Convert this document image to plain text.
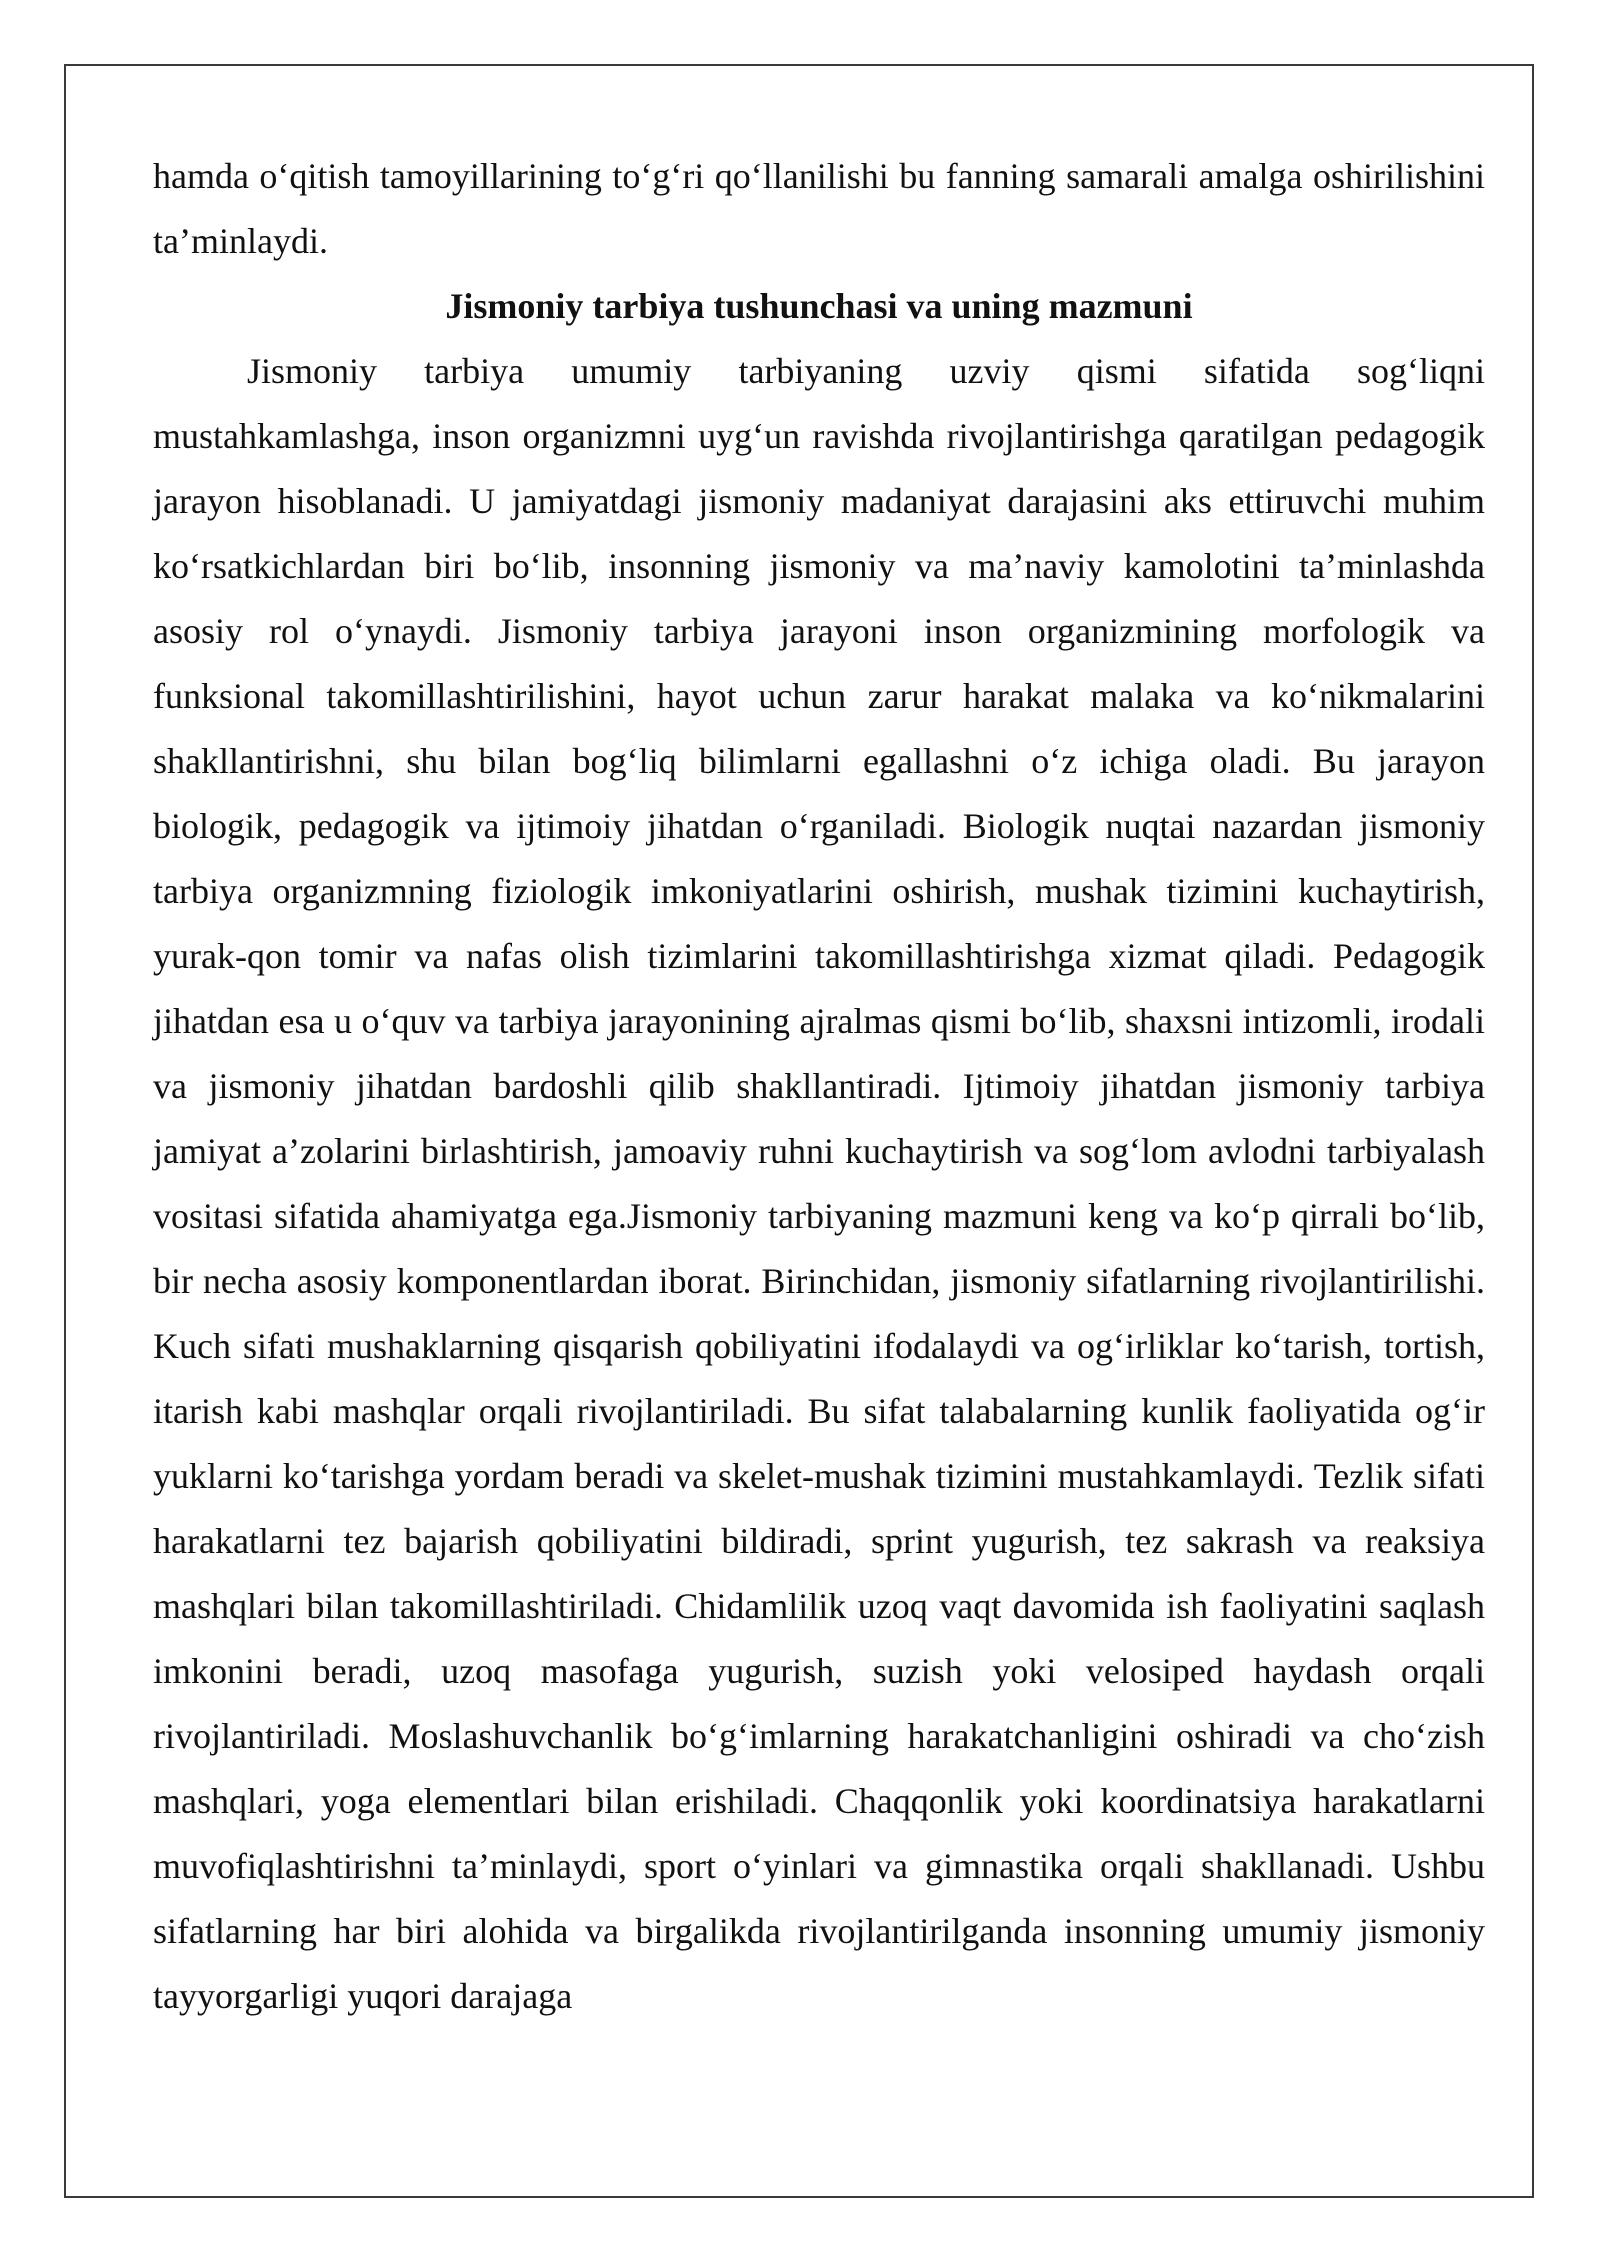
hamda o‘qitish tamoyillarining to‘g‘ri qo‘llanilishi bu fanning samarali amalga oshirilishini ta’minlaydi.

Jismoniy tarbiya tushunchasi va uning mazmuni

Jismoniy tarbiya umumiy tarbiyaning uzviy qismi sifatida sog‘liqni mustahkamlashga, inson organizmni uyg‘un ravishda rivojlantirishga qaratilgan pedagogik jarayon hisoblanadi. U jamiyatdagi jismoniy madaniyat darajasini aks ettiruvchi muhim ko‘rsatkichlardan biri bo‘lib, insonning jismoniy va ma’naviy kamolotini ta’minlashda asosiy rol o‘ynaydi. Jismoniy tarbiya jarayoni inson organizmining morfologik va funksional takomillashtirilishini, hayot uchun zarur harakat malaka va ko‘nikmalarini shakllantirishni, shu bilan bog‘liq bilimlarni egallashni o‘z ichiga oladi. Bu jarayon biologik, pedagogik va ijtimoiy jihatdan o‘rganiladi. Biologik nuqtai nazardan jismoniy tarbiya organizmning fiziologik imkoniyatlarini oshirish, mushak tizimini kuchaytirish, yurak-qon tomir va nafas olish tizimlarini takomillashtirishga xizmat qiladi. Pedagogik jihatdan esa u o‘quv va tarbiya jarayonining ajralmas qismi bo‘lib, shaxsni intizomli, irodali va jismoniy jihatdan bardoshli qilib shakllantiradi. Ijtimoiy jihatdan jismoniy tarbiya jamiyat a’zolarini birlashtirish, jamoaviy ruhni kuchaytirish va sog‘lom avlodni tarbiyalash vositasi sifatida ahamiyatga ega.Jismoniy tarbiyaning mazmuni keng va ko‘p qirrali bo‘lib, bir necha asosiy komponentlardan iborat. Birinchidan, jismoniy sifatlarning rivojlantirilishi. Kuch sifati mushaklarning qisqarish qobiliyatini ifodalaydi va og‘irliklar ko‘tarish, tortish, itarish kabi mashqlar orqali rivojlantiriladi. Bu sifat talabalarning kunlik faoliyatida og‘ir yuklarni ko‘tarishga yordam beradi va skelet-mushak tizimini mustahkamlaydi. Tezlik sifati harakatlarni tez bajarish qobiliyatini bildiradi, sprint yugurish, tez sakrash va reaksiya mashqlari bilan takomillashtiriladi. Chidamlilik uzoq vaqt davomida ish faoliyatini saqlash imkonini beradi, uzoq masofaga yugurish, suzish yoki velosiped haydash orqali rivojlantiriladi. Moslashuvchanlik bo‘g‘imlarning harakatchanligini oshiradi va cho‘zish mashqlari, yoga elementlari bilan erishiladi. Chaqqonlik yoki koordinatsiya harakatlarni muvofiqlashtirishni ta’minlaydi, sport o‘yinlari va gimnastika orqali shakllanadi. Ushbu sifatlarning har biri alohida va birgalikda rivojlantirilganda insonning umumiy jismoniy tayyorgarligi yuqori darajaga
